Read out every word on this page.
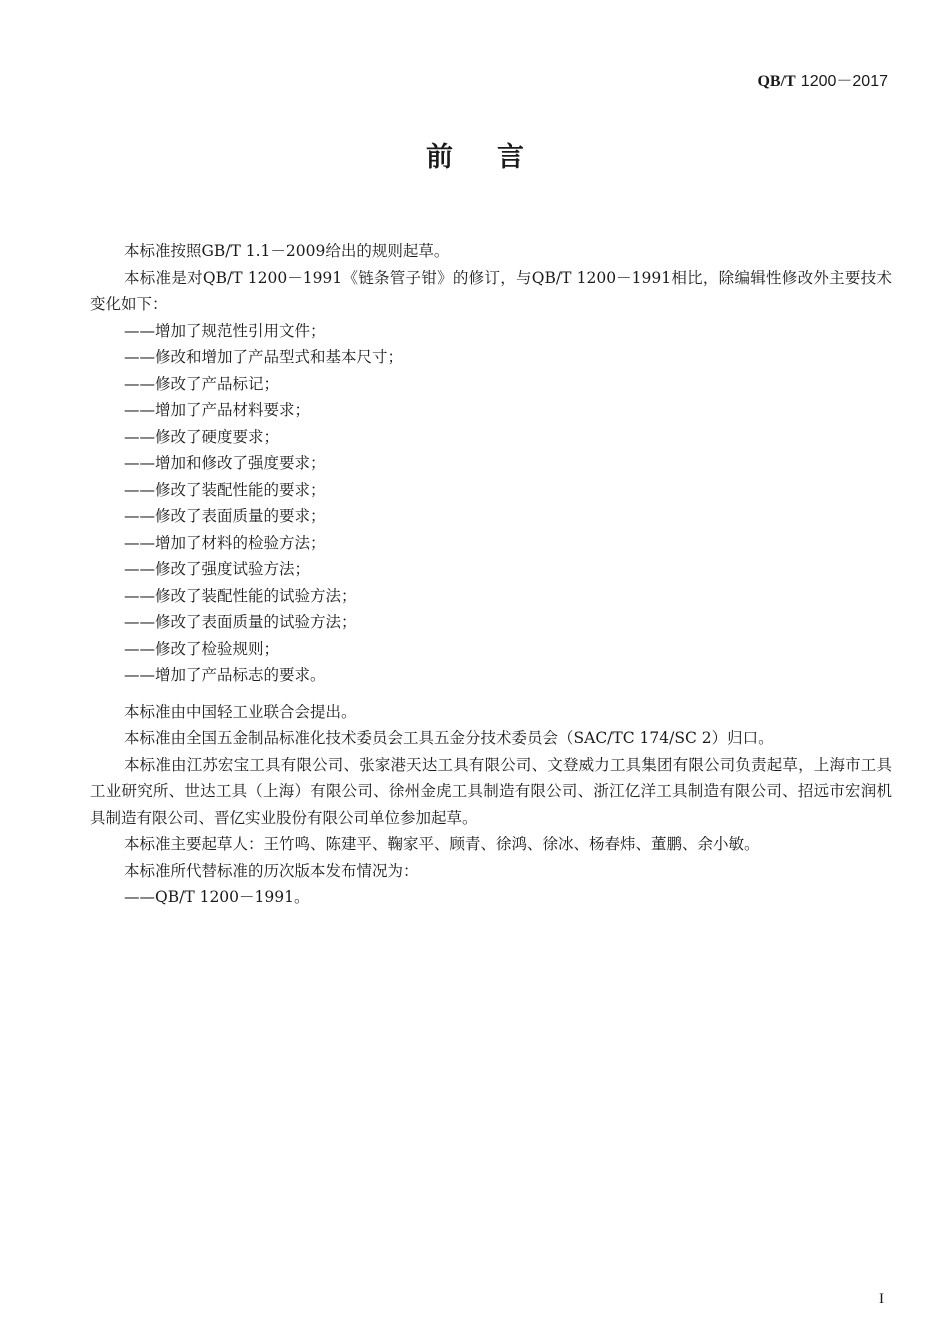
QB/T 1200－2017
前言

本标准按照GB/T 1.1－2009给出的规则起草。

本标准是对QB/T 1200－1991《链条管子钳》的修订，与QB/T 1200－1991相比，除编辑性修改外主要技术变化如下：

——增加了规范性引用文件；

——修改和增加了产品型式和基本尺寸；

——修改了产品标记；

——增加了产品材料要求；

——修改了硬度要求；

——增加和修改了强度要求；

——修改了装配性能的要求；

——修改了表面质量的要求；

——增加了材料的检验方法；

——修改了强度试验方法；

——修改了装配性能的试验方法；

——修改了表面质量的试验方法；

——修改了检验规则；

——增加了产品标志的要求。

本标准由中国轻工业联合会提出。

本标准由全国五金制品标准化技术委员会工具五金分技术委员会（SAC/TC 174/SC 2）归口。

本标准由江苏宏宝工具有限公司、张家港天达工具有限公司、文登威力工具集团有限公司负责起草，上海市工具工业研究所、世达工具（上海）有限公司、徐州金虎工具制造有限公司、浙江亿洋工具制造有限公司、招远市宏润机具制造有限公司、晋亿实业股份有限公司单位参加起草。

本标准主要起草人：王竹鸣、陈建平、鞠家平、顾青、徐鸿、徐冰、杨春炜、董鹏、余小敏。

本标准所代替标准的历次版本发布情况为：

——QB/T 1200－1991。

I
